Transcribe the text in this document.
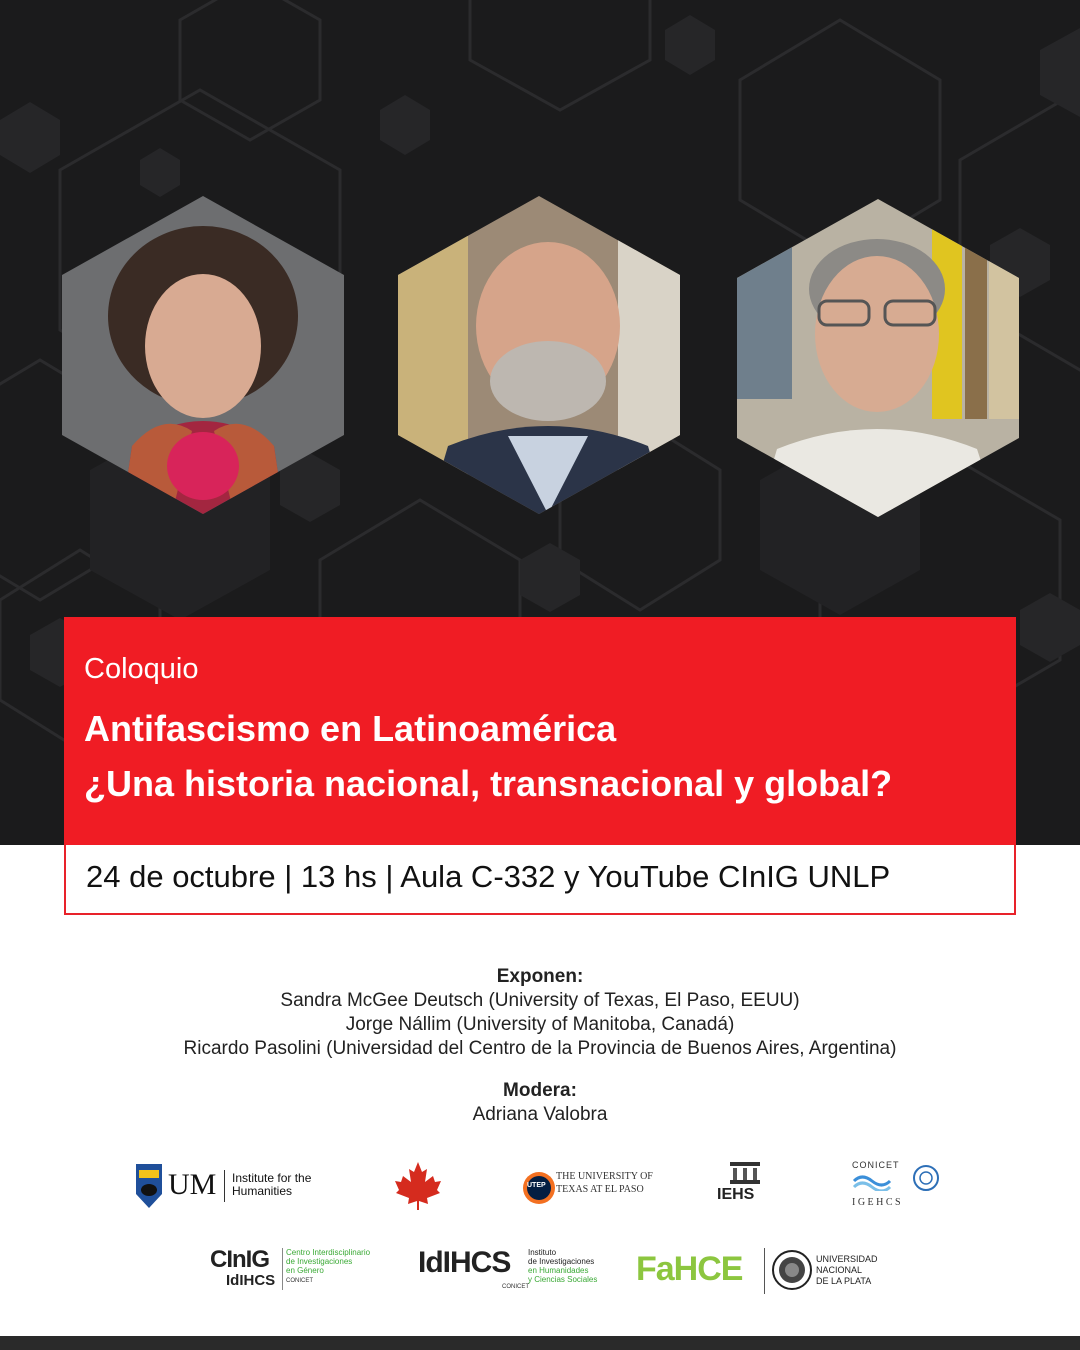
Coloquio
Antifascismo en Latinoamérica
¿Una historia nacional, transnacional y global?
24 de octubre | 13 hs | Aula C-332 y YouTube CInIG UNLP
Exponen:
Sandra McGee Deutsch (University of Texas, El Paso, EEUU)
Jorge Nállim (University of Manitoba, Canadá)
Ricardo Pasolini (Universidad del Centro de la Provincia de Buenos Aires, Argentina)
Modera:
Adriana Valobra
UM Institute for the
Humanities	UTEP
THE UNIVERSITY OF
TEXAS AT EL PASO	IEHS
CONICET
I G E H C S
CInIG
IdIHCS
Centro Interdisciplinario
de Investigaciones
en Género
CONICET
IdIHCS Instituto
de Investigaciones
en Humanidades
y Ciencias Sociales
CONICET	FaHCE	UNIVERSIDAD
NACIONAL
DE LA PLATA
